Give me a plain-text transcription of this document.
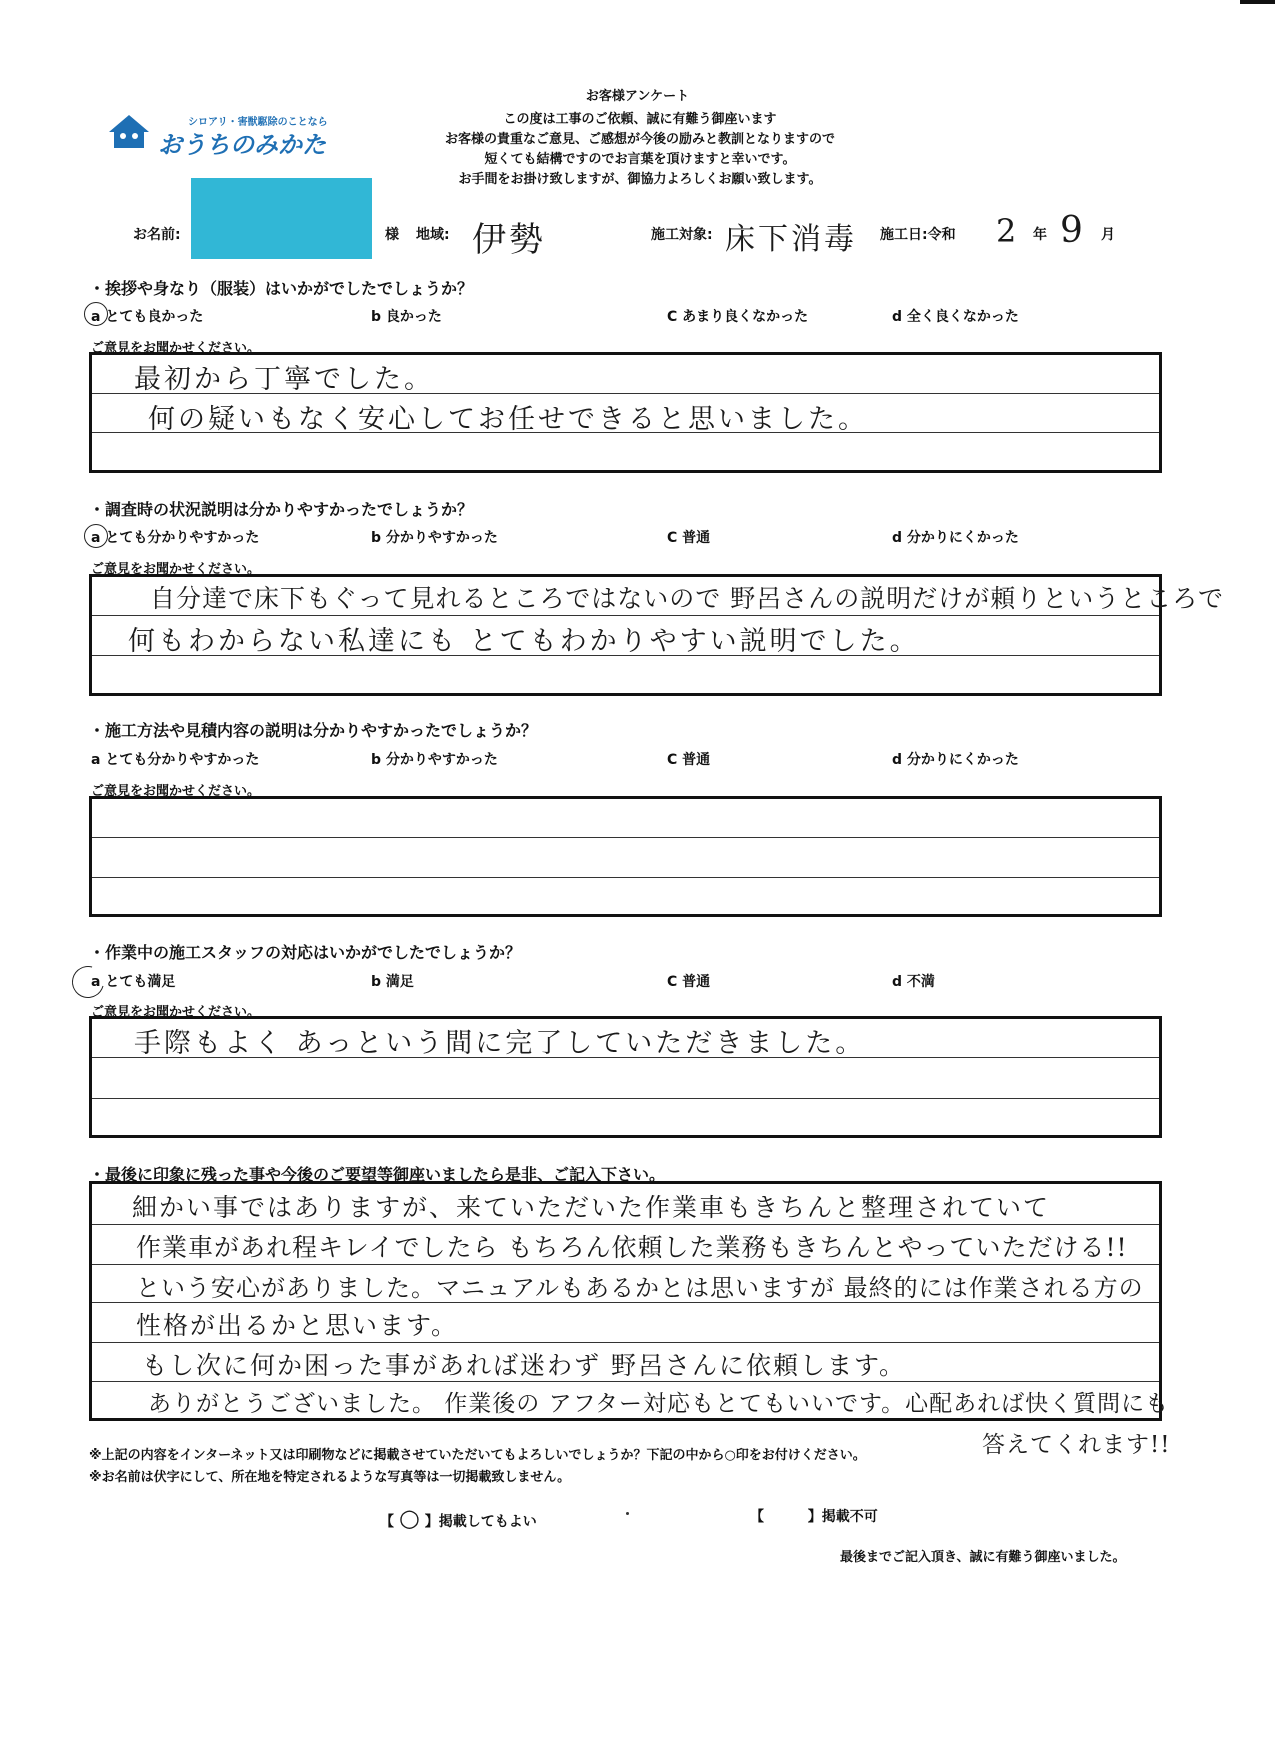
お客様アンケート
シロアリ・害獣駆除のことなら
おうちのみかた
この度は工事のご依頼、誠に有難う御座います
お客様の貴重なご意見、ご感想が今後の励みと教訓となりますので
短くても結構ですのでお言葉を頂けますと幸いです。
お手間をお掛け致しますが、御協力よろしくお願い致します。
お名前:	様 地域: 伊勢	施工対象: 床下消毒 施工日:令和 2 年 9 月
・挨拶や身なり（服装）はいかがでしたでしょうか？
a とても良かった	b 良かった	C あまり良くなかった	d 全く良くなかった
ご意見をお聞かせください。
最初から丁寧でした。
何の疑いもなく安心してお任せできると思いました。
・調査時の状況説明は分かりやすかったでしょうか？
a とても分かりやすかった	b 分かりやすかった	C 普通	d 分かりにくかった
ご意見をお聞かせください。
自分達で床下もぐって見れるところではないので 野呂さんの説明だけが頼りというところで
何もわからない私達にも とてもわかりやすい説明でした。
・施工方法や見積内容の説明は分かりやすかったでしょうか？
a とても分かりやすかった	b 分かりやすかった	C 普通	d 分かりにくかった
ご意見をお聞かせください。
・作業中の施工スタッフの対応はいかがでしたでしょうか？
a とても満足	b 満足	C 普通	d 不満
ご意見をお聞かせください。
手際もよく あっという間に完了していただきました。
・最後に印象に残った事や今後のご要望等御座いましたら是非、ご記入下さい。
細かい事ではありますが、来ていただいた作業車もきちんと整理されていて
作業車があれ程キレイでしたら もちろん依頼した業務もきちんとやっていただける!!
という安心がありました。マニュアルもあるかとは思いますが 最終的には作業される方の
性格が出るかと思います。
もし次に何か困った事があれば迷わず 野呂さんに依頼します。
ありがとうございました。 作業後の アフター対応もとてもいいです。心配あれば快く質問にも
答えてくれます!!
※上記の内容をインターネット又は印刷物などに掲載させていただいてもよろしいでしょうか？下記の中から○印をお付けください。
※お名前は伏字にして、所在地を特定されるような写真等は一切掲載致しません。
【 ○ 】掲載してもよい	【	】掲載不可
最後までご記入頂き、誠に有難う御座いました。
